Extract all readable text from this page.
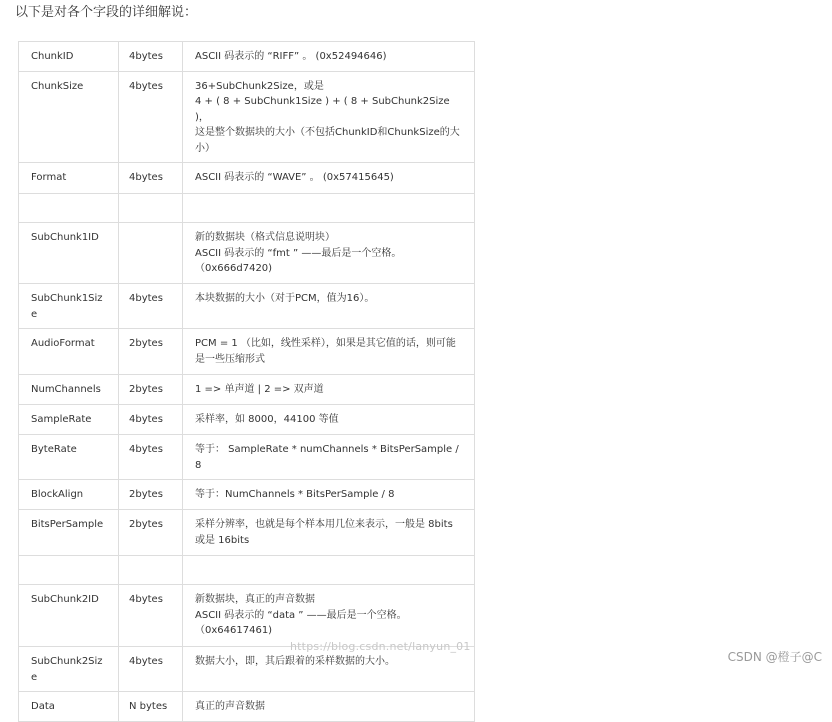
以下是对各个字段的详细解说：

ChunkID	4bytes	ASCII 码表示的 “RIFF” 。 (0x52494646)

ChunkSize	4bytes	36+SubChunk2Size，或是
4 + ( 8 + SubChunk1Size ) + ( 8 + SubChunk2Size )，
这是整个数据块的大小（不包括ChunkID和ChunkSize的大小）

Format	4bytes	ASCII 码表示的 “WAVE” 。 (0x57415645)

SubChunk1ID		新的数据块（格式信息说明块）
ASCII 码表示的 “fmt ” ——最后是一个空格。
（0x666d7420)

SubChunk1Size	4bytes	本块数据的大小（对于PCM，值为16）。

AudioFormat	2bytes	PCM = 1 （比如，线性采样），如果是其它值的话，则可能是一些压缩形式

NumChannels	2bytes	1 => 单声道 | 2 => 双声道

SampleRate	4bytes	采样率，如 8000，44100 等值

ByteRate	4bytes	等于： SampleRate * numChannels * BitsPerSample / 8

BlockAlign	2bytes	等于：NumChannels * BitsPerSample / 8

BitsPerSample	2bytes	采样分辨率，也就是每个样本用几位来表示，一般是 8bits 或是 16bits

SubChunk2ID	4bytes	新数据块，真正的声音数据
ASCII 码表示的 “data ” ——最后是一个空格。
（0x64617461)

SubChunk2Size	4bytes	数据大小，即，其后跟着的采样数据的大小。

Data	N bytes	真正的声音数据
https://blog.csdn.net/lanyun_01
CSDN @橙子@C
